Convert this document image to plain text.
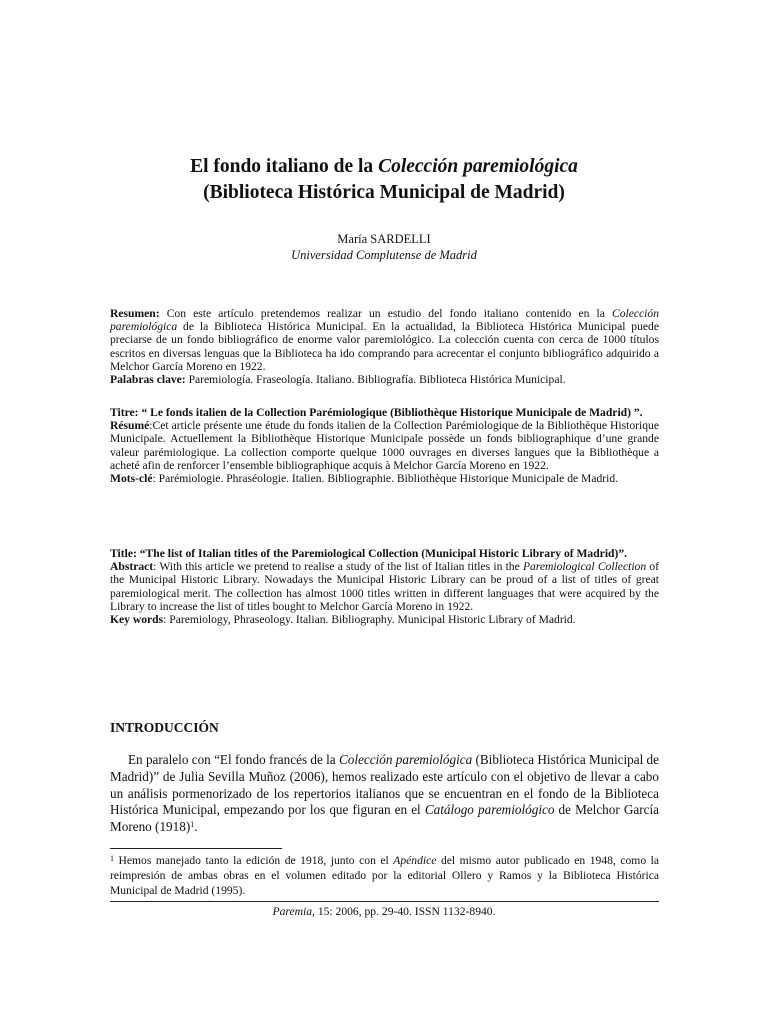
El fondo italiano de la Colección paremiológica
(Biblioteca Histórica Municipal de Madrid)
María SARDELLI
Universidad Complutense de Madrid
Resumen: Con este artículo pretendemos realizar un estudio del fondo italiano contenido en la Colección paremiológica de la Biblioteca Histórica Municipal. En la actualidad, la Biblioteca Histórica Municipal puede preciarse de un fondo bibliográfico de enorme valor paremiológico. La colección cuenta con cerca de 1000 títulos escritos en diversas lenguas que la Biblioteca ha ido comprando para acrecentar el conjunto bibliográfico adquirido a Melchor García Moreno en 1922.
Palabras clave: Paremiología. Fraseología. Italiano. Bibliografía. Biblioteca Histórica Municipal.
Titre: “ Le fonds italien de la Collection Parémiologique (Bibliothèque Historique Municipale de Madrid) ”.
Résumé:Cet article présente une étude du fonds italien de la Collection Parémiologique de la Bibliothèque Historique Municipale. Actuellement la Bibliothèque Historique Municipale possède un fonds bibliographique d’une grande valeur parémiologique. La collection comporte quelque 1000 ouvrages en diverses langues que la Bibliothèque a acheté afin de renforcer l’ensemble bibliographique acquis à Melchor García Moreno en 1922.
Mots-clé: Parémiologie. Phraséologie. Italien. Bibliographie. Bibliothèque Historique Municipale de Madrid.
Title: “The list of Italian titles of the Paremiological Collection (Municipal Historic Library of Madrid)”.
Abstract: With this article we pretend to realise a study of the list of Italian titles in the Paremiological Collection of the Municipal Historic Library. Nowadays the Municipal Historic Library can be proud of a list of titles of great paremiological merit. The collection has almost 1000 titles written in different languages that were acquired by the Library to increase the list of titles bought to Melchor García Moreno in 1922.
Key words: Paremiology, Phraseology. Italian. Bibliography. Municipal Historic Library of Madrid.
INTRODUCCIÓN
En paralelo con “El fondo francés de la Colección paremiológica (Biblioteca Histórica Municipal de Madrid)” de Julia Sevilla Muñoz (2006), hemos realizado este artículo con el objetivo de llevar a cabo un análisis pormenorizado de los repertorios italianos que se encuentran en el fondo de la Biblioteca Histórica Municipal, empezando por los que figuran en el Catálogo paremiológico de Melchor García Moreno $(1918)^1$.
$^1$ Hemos manejado tanto la edición de 1918, junto con el Apéndice del mismo autor publicado en 1948, como la reimpresión de ambas obras en el volumen editado por la editorial Ollero y Ramos y la Biblioteca Histórica Municipal de Madrid (1995).
Paremia, 15: 2006, pp. 29-40. ISSN 1132-8940.
